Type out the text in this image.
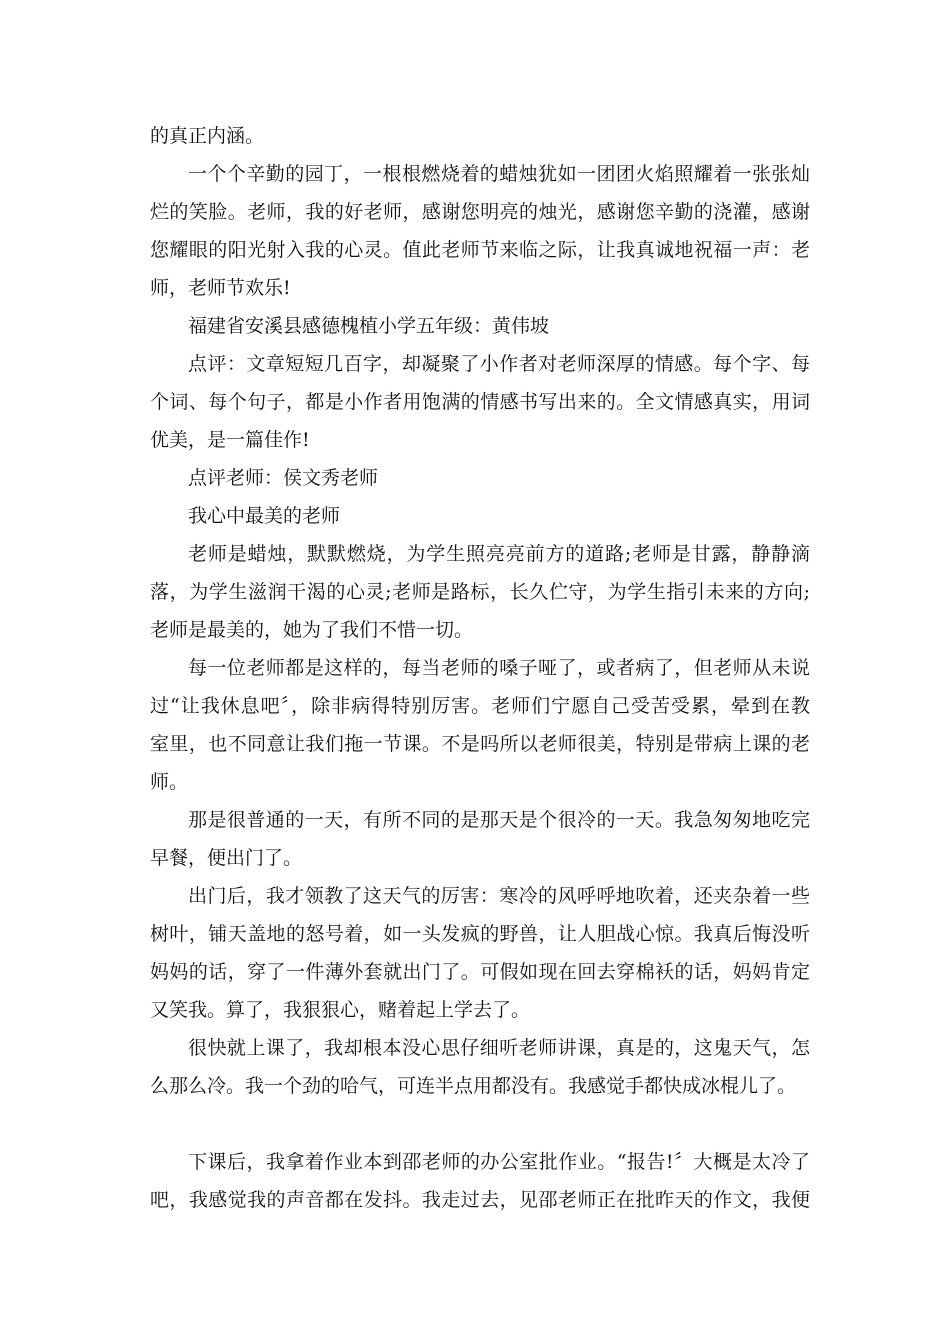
的真正内涵。
一个个辛勤的园丁，一根根燃烧着的蜡烛犹如一团团火焰照耀着一张张灿
烂的笑脸。老师，我的好老师，感谢您明亮的烛光，感谢您辛勤的浇灌，感谢
您耀眼的阳光射入我的心灵。值此老师节来临之际，让我真诚地祝福一声：老
师，老师节欢乐!
福建省安溪县感德槐植小学五年级：黄伟坡
点评：文章短短几百字，却凝聚了小作者对老师深厚的情感。每个字、每
个词、每个句子，都是小作者用饱满的情感书写出来的。全文情感真实，用词
优美，是一篇佳作!
点评老师：侯文秀老师
我心中最美的老师
老师是蜡烛，默默燃烧，为学生照亮亮前方的道路;老师是甘露，静静滴
落，为学生滋润干渴的心灵;老师是路标，长久伫守，为学生指引未来的方向;
老师是最美的，她为了我们不惜一切。
每一位老师都是这样的，每当老师的嗓子哑了，或者病了，但老师从未说
过“让我休息吧〞，除非病得特别厉害。老师们宁愿自己受苦受累，晕到在教
室里，也不同意让我们拖一节课。不是吗所以老师很美，特别是带病上课的老
师。
那是很普通的一天，有所不同的是那天是个很冷的一天。我急匆匆地吃完
早餐，便出门了。
出门后，我才领教了这天气的厉害：寒冷的风呼呼地吹着，还夹杂着一些
树叶，铺天盖地的怒号着，如一头发疯的野兽，让人胆战心惊。我真后悔没听
妈妈的话，穿了一件薄外套就出门了。可假如现在回去穿棉袄的话，妈妈肯定
又笑我。算了，我狠狠心，赌着起上学去了。
很快就上课了，我却根本没心思仔细听老师讲课，真是的，这鬼天气，怎
么那么冷。我一个劲的哈气，可连半点用都没有。我感觉手都快成冰棍儿了。
下课后，我拿着作业本到邵老师的办公室批作业。“报告!〞大概是太冷了
吧，我感觉我的声音都在发抖。我走过去，见邵老师正在批昨天的作文，我便
